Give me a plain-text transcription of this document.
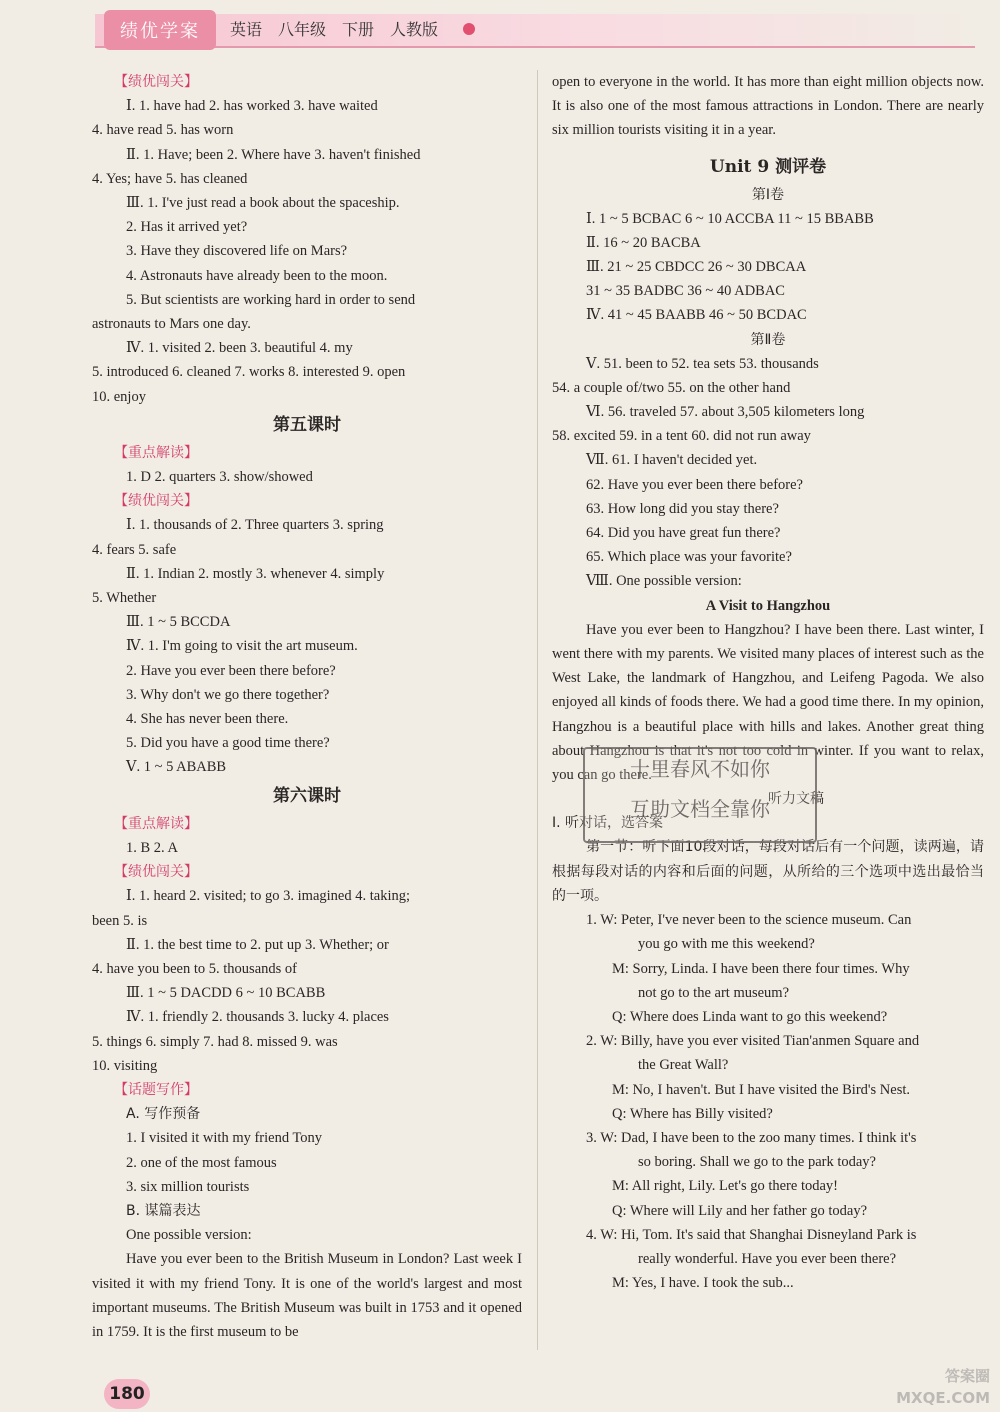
绩优学案	英语 八年级 下册 人教版
【绩优闯关】
Ⅰ. 1. have had 2. has worked 3. have waited
4. have read 5. has worn
Ⅱ. 1. Have; been 2. Where have 3. haven't finished
4. Yes; have 5. has cleaned
Ⅲ. 1. I've just read a book about the spaceship.
2. Has it arrived yet?
3. Have they discovered life on Mars?
4. Astronauts have already been to the moon.
5. But scientists are working hard in order to send
astronauts to Mars one day.
Ⅳ. 1. visited 2. been 3. beautiful 4. my
5. introduced 6. cleaned 7. works 8. interested 9. open
10. enjoy
第五课时
【重点解读】
1. D 2. quarters 3. show/showed
【绩优闯关】
Ⅰ. 1. thousands of 2. Three quarters 3. spring
4. fears 5. safe
Ⅱ. 1. Indian 2. mostly 3. whenever 4. simply
5. Whether
Ⅲ. 1 ~ 5 BCCDA
Ⅳ. 1. I'm going to visit the art museum.
2. Have you ever been there before?
3. Why don't we go there together?
4. She has never been there.
5. Did you have a good time there?
Ⅴ. 1 ~ 5 ABABB
第六课时
【重点解读】
1. B 2. A
【绩优闯关】
Ⅰ. 1. heard 2. visited; to go 3. imagined 4. taking;
been 5. is
Ⅱ. 1. the best time to 2. put up 3. Whether; or
4. have you been to 5. thousands of
Ⅲ. 1 ~ 5 DACDD 6 ~ 10 BCABB
Ⅳ. 1. friendly 2. thousands 3. lucky 4. places
5. things 6. simply 7. had 8. missed 9. was
10. visiting
【话题写作】
A. 写作预备
1. I visited it with my friend Tony
2. one of the most famous
3. six million tourists
B. 谋篇表达
One possible version:
Have you ever been to the British Museum in London? Last week I visited it with my friend Tony. It is one of the world's largest and most important museums. The British Museum was built in 1753 and it opened in 1759. It is the first museum to be
open to everyone in the world. It has more than eight million objects now. It is also one of the most famous attractions in London. There are nearly six million tourists visiting it in a year.
Unit 9 测评卷
第Ⅰ卷
Ⅰ. 1 ~ 5 BCBAC 6 ~ 10 ACCBA 11 ~ 15 BBABB
Ⅱ. 16 ~ 20 BACBA
Ⅲ. 21 ~ 25 CBDCC 26 ~ 30 DBCAA
31 ~ 35 BADBC 36 ~ 40 ADBAC
Ⅳ. 41 ~ 45 BAABB 46 ~ 50 BCDAC
第Ⅱ卷
Ⅴ. 51. been to 52. tea sets 53. thousands
54. a couple of/two 55. on the other hand
Ⅵ. 56. traveled 57. about 3,505 kilometers long
58. excited 59. in a tent 60. did not run away
Ⅶ. 61. I haven't decided yet.
62. Have you ever been there before?
63. How long did you stay there?
64. Did you have great fun there?
65. Which place was your favorite?
Ⅷ. One possible version:
A Visit to Hangzhou
Have you ever been to Hangzhou? I have been there. Last winter, I went there with my parents. We visited many places of interest such as the West Lake, the landmark of Hangzhou, and Leifeng Pagoda. We also enjoyed all kinds of foods there. We had a good time there. In my opinion, Hangzhou is a beautiful place with hills and lakes. Another great thing about Hangzhou is that it's not too cold in winter. If you want to relax, you can go there.
听力文稿
Ⅰ. 听对话，选答案
第一节：听下面10段对话，每段对话后有一个问题，读两遍，请根据每段对话的内容和后面的问题，从所给的三个选项中选出最恰当的一项。
1. W: Peter, I've never been to the science museum. Can
you go with me this weekend?
M: Sorry, Linda. I have been there four times. Why
not go to the art museum?
Q: Where does Linda want to go this weekend?
2. W: Billy, have you ever visited Tian'anmen Square and
the Great Wall?
M: No, I haven't. But I have visited the Bird's Nest.
Q: Where has Billy visited?
3. W: Dad, I have been to the zoo many times. I think it's
so boring. Shall we go to the park today?
M: All right, Lily. Let's go there today!
Q: Where will Lily and her father go today?
4. W: Hi, Tom. It's said that Shanghai Disneyland Park is
really wonderful. Have you ever been there?
M: Yes, I have. I took the sub...
十里春风不如你
互助文档全靠你
180
答案圈
MXQE.COM
